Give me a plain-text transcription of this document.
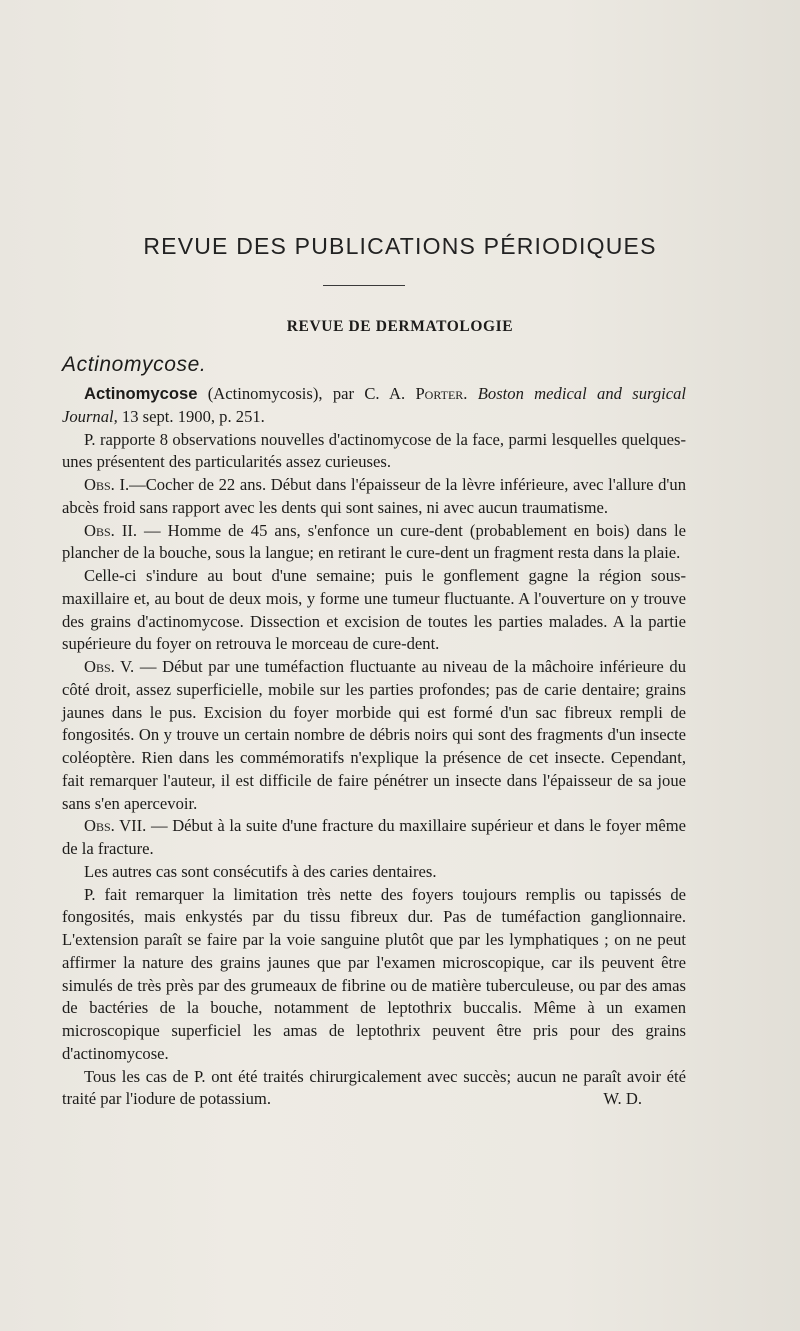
REVUE DES PUBLICATIONS PÉRIODIQUES
REVUE DE DERMATOLOGIE
Actinomycose.

Actinomycose (Actinomycosis), par C. A. Porter. Boston medical and surgical Journal, 13 sept. 1900, p. 251.

P. rapporte 8 observations nouvelles d'actinomycose de la face, parmi lesquelles quelques-unes présentent des particularités assez curieuses.

Obs. I.—Cocher de 22 ans. Début dans l'épaisseur de la lèvre inférieure, avec l'allure d'un abcès froid sans rapport avec les dents qui sont saines, ni avec aucun traumatisme.

Obs. II. — Homme de 45 ans, s'enfonce un cure-dent (probablement en bois) dans le plancher de la bouche, sous la langue; en retirant le cure-dent un fragment resta dans la plaie.

Celle-ci s'indure au bout d'une semaine; puis le gonflement gagne la région sous-maxillaire et, au bout de deux mois, y forme une tumeur fluctuante. A l'ouverture on y trouve des grains d'actinomycose. Dissection et excision de toutes les parties malades. A la partie supérieure du foyer on retrouva le morceau de cure-dent.

Obs. V. — Début par une tuméfaction fluctuante au niveau de la mâchoire inférieure du côté droit, assez superficielle, mobile sur les parties profondes; pas de carie dentaire; grains jaunes dans le pus. Excision du foyer morbide qui est formé d'un sac fibreux rempli de fongosités. On y trouve un certain nombre de débris noirs qui sont des fragments d'un insecte coléoptère. Rien dans les commémoratifs n'explique la présence de cet insecte. Cependant, fait remarquer l'auteur, il est difficile de faire pénétrer un insecte dans l'épaisseur de sa joue sans s'en apercevoir.

Obs. VII. — Début à la suite d'une fracture du maxillaire supérieur et dans le foyer même de la fracture.

Les autres cas sont consécutifs à des caries dentaires.

P. fait remarquer la limitation très nette des foyers toujours remplis ou tapissés de fongosités, mais enkystés par du tissu fibreux dur. Pas de tuméfaction ganglionnaire. L'extension paraît se faire par la voie sanguine plutôt que par les lymphatiques ; on ne peut affirmer la nature des grains jaunes que par l'examen microscopique, car ils peuvent être simulés de très près par des grumeaux de fibrine ou de matière tuberculeuse, ou par des amas de bactéries de la bouche, notamment de leptothrix buccalis. Même à un examen microscopique superficiel les amas de leptothrix peuvent être pris pour des grains d'actinomycose.

Tous les cas de P. ont été traités chirurgicalement avec succès; aucun ne paraît avoir été traité par l'iodure de potassium.	W. D.
